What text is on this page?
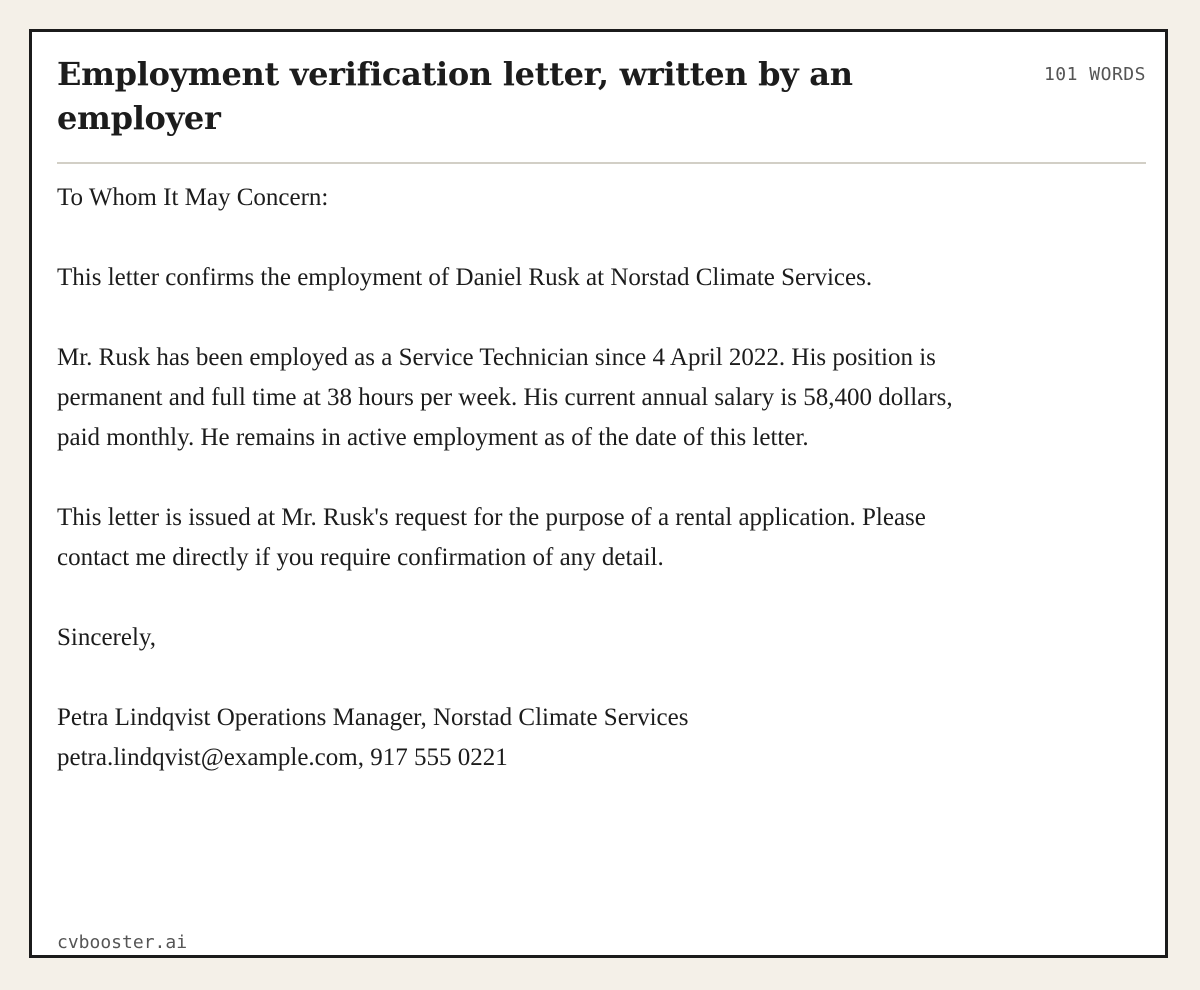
Employment verification letter, written by an employer
101 WORDS

To Whom It May Concern:

This letter confirms the employment of Daniel Rusk at Norstad Climate Services.

Mr. Rusk has been employed as a Service Technician since 4 April 2022. His position is permanent and full time at 38 hours per week. His current annual salary is 58,400 dollars, paid monthly. He remains in active employment as of the date of this letter.

This letter is issued at Mr. Rusk's request for the purpose of a rental application. Please contact me directly if you require confirmation of any detail.

Sincerely,

Petra Lindqvist Operations Manager, Norstad Climate Services
petra.lindqvist@example.com, 917 555 0221

cvbooster.ai
